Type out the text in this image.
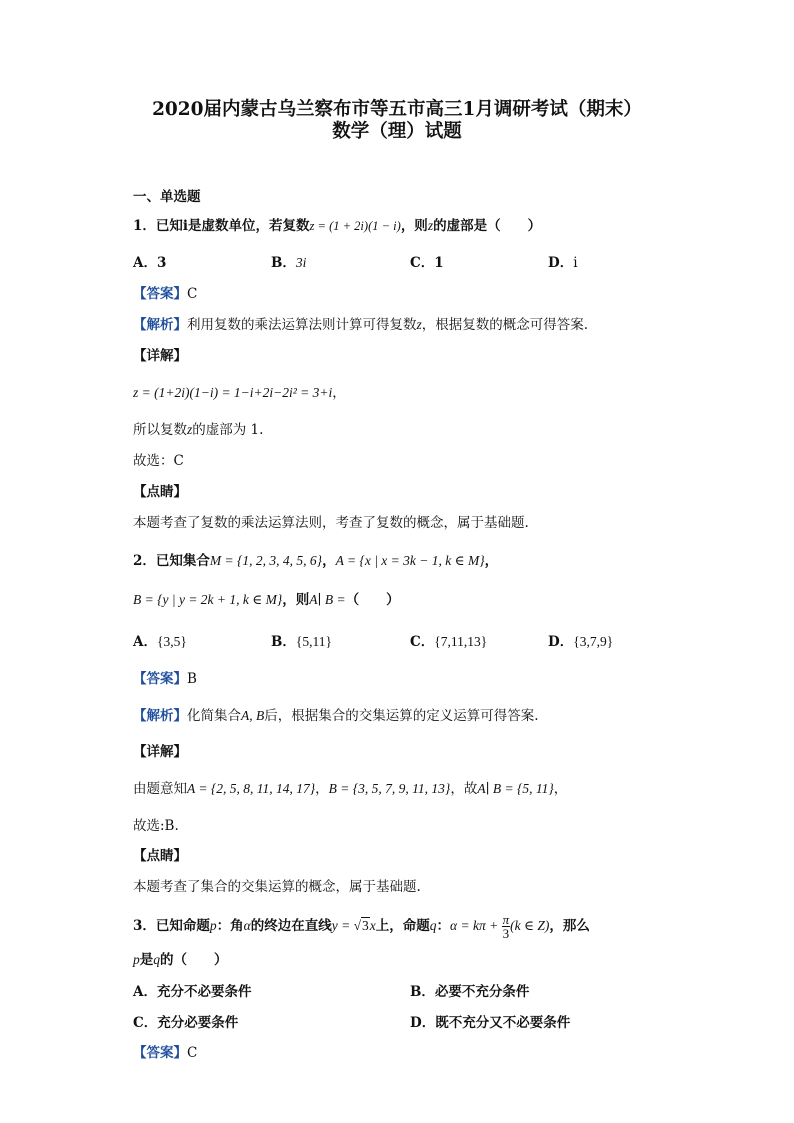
2020届内蒙古乌兰察布市等五市高三1月调研考试（期末）
数学（理）试题
一、单选题
1．已知i是虚数单位，若复数z = (1 + 2i)(1 − i)，则z的虚部是（　　）
A．3	B．3i	C．1	D．i
【答案】C
【解析】利用复数的乘法运算法则计算可得复数z，根据复数的概念可得答案.
【详解】
z = (1+2i)(1−i) = 1−i+2i−2i² = 3+i，
所以复数z的虚部为 1.
故选：C
【点睛】
本题考查了复数的乘法运算法则，考查了复数的概念，属于基础题.
2．已知集合M = {1, 2, 3, 4, 5, 6}，A = {x | x = 3k − 1, k ∈ M}，
B = {y | y = 2k + 1, k ∈ M}，则A∣ B =（　　）
A．{3,5}	B．{5,11}	C．{7,11,13}	D．{3,7,9}
【答案】B
【解析】化简集合A, B后，根据集合的交集运算的定义运算可得答案.
【详解】
由题意知A = {2, 5, 8, 11, 14, 17}，B = {3, 5, 7, 9, 11, 13}，故A∣ B = {5, 11}，
故选:B.
【点睛】
本题考查了集合的交集运算的概念，属于基础题.
3．已知命题p：角α的终边在直线y = √3x上，命题q：$\alpha = k\pi + \frac{\pi}{3} (k$ ∈ Z)，那么
p是q的（　　）
A．充分不必要条件	B．必要不充分条件
C．充分必要条件	D．既不充分又不必要条件
【答案】C
